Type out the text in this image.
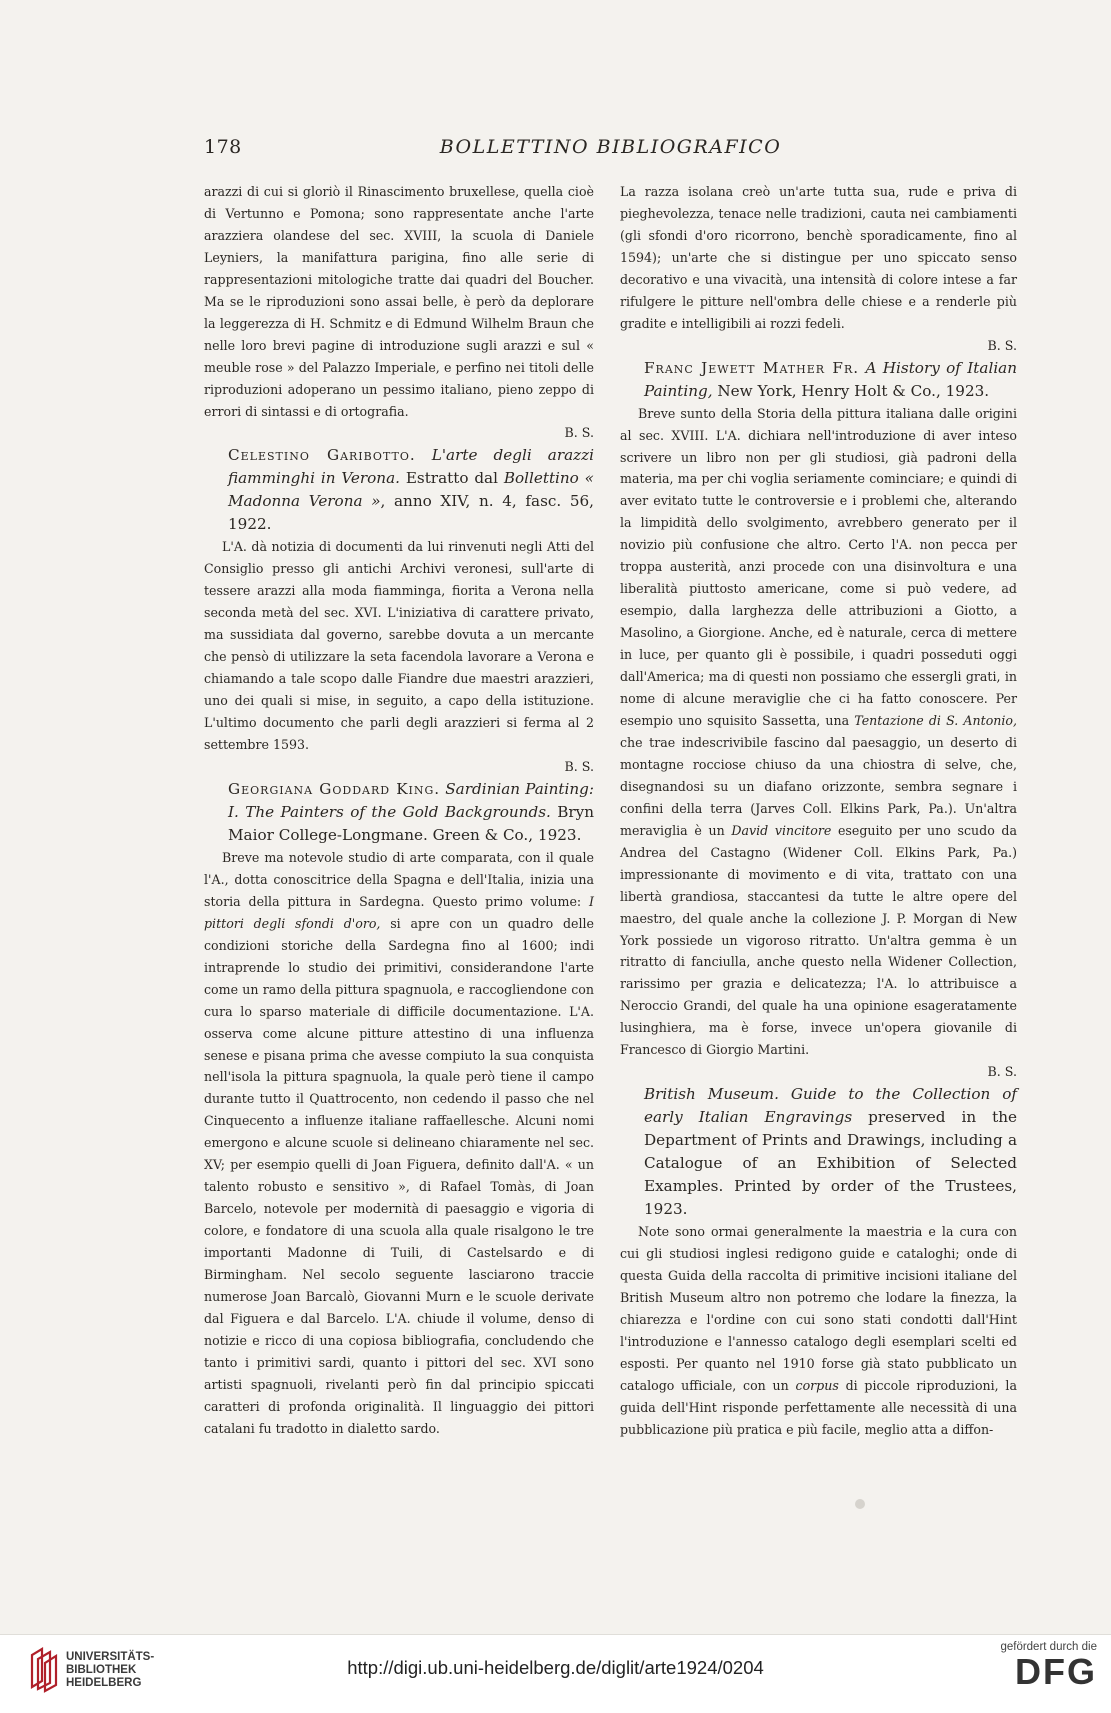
178	BOLLETTINO BIBLIOGRAFICO

arazzi di cui si gloriò il Rinascimento bruxellese, quella cioè di Vertunno e Pomona; sono rappresentate anche l'arte arazziera olandese del sec. XVIII, la scuola di Daniele Leyniers, la manifattura parigina, fino alle serie di rappresentazioni mitologiche tratte dai quadri del Boucher. Ma se le riproduzioni sono assai belle, è però da deplorare la leggerezza di H. Schmitz e di Edmund Wilhelm Braun che nelle loro brevi pagine di introduzione sugli arazzi e sul « meuble rose » del Palazzo Imperiale, e perfino nei titoli delle riproduzioni adoperano un pessimo italiano, pieno zeppo di errori di sintassi e di ortografia.

B. S.

Celestino Garibotto. L'arte degli arazzi fiamminghi in Verona. Estratto dal Bollettino « Madonna Verona », anno XIV, n. 4, fasc. 56, 1922.

L'A. dà notizia di documenti da lui rinvenuti negli Atti del Consiglio presso gli antichi Archivi veronesi, sull'arte di tessere arazzi alla moda fiamminga, fiorita a Verona nella seconda metà del sec. XVI. L'iniziativa di carattere privato, ma sussidiata dal governo, sarebbe dovuta a un mercante che pensò di utilizzare la seta facendola lavorare a Verona e chiamando a tale scopo dalle Fiandre due maestri arazzieri, uno dei quali si mise, in seguito, a capo della istituzione. L'ultimo documento che parli degli arazzieri si ferma al 2 settembre 1593.

B. S.

Georgiana Goddard King. Sardinian Painting: I. The Painters of the Gold Backgrounds. Bryn Maior College-Longmane. Green & Co., 1923.

Breve ma notevole studio di arte comparata, con il quale l'A., dotta conoscitrice della Spagna e dell'Italia, inizia una storia della pittura in Sardegna. Questo primo volume: I pittori degli sfondi d'oro, si apre con un quadro delle condizioni storiche della Sardegna fino al 1600; indi intraprende lo studio dei primitivi, considerandone l'arte come un ramo della pittura spagnuola, e raccogliendone con cura lo sparso materiale di difficile documentazione. L'A. osserva come alcune pitture attestino di una influenza senese e pisana prima che avesse compiuto la sua conquista nell'isola la pittura spagnuola, la quale però tiene il campo durante tutto il Quattrocento, non cedendo il passo che nel Cinquecento a influenze italiane raffaellesche. Alcuni nomi emergono e alcune scuole si delineano chiaramente nel sec. XV; per esempio quelli di Joan Figuera, definito dall'A. « un talento robusto e sensitivo », di Rafael Tomàs, di Joan Barcelo, notevole per modernità di paesaggio e vigoria di colore, e fondatore di una scuola alla quale risalgono le tre importanti Madonne di Tuili, di Castelsardo e di Birmingham. Nel secolo seguente lasciarono traccie numerose Joan Barcalò, Giovanni Murn e le scuole derivate dal Figuera e dal Barcelo. L'A. chiude il volume, denso di notizie e ricco di una copiosa bibliografia, concludendo che tanto i primitivi sardi, quanto i pittori del sec. XVI sono artisti spagnuoli, rivelanti però fin dal principio spiccati caratteri di profonda originalità. Il linguaggio dei pittori catalani fu tradotto in dialetto sardo.

La razza isolana creò un'arte tutta sua, rude e priva di pieghevolezza, tenace nelle tradizioni, cauta nei cambiamenti (gli sfondi d'oro ricorrono, benchè sporadicamente, fino al 1594); un'arte che si distingue per uno spiccato senso decorativo e una vivacità, una intensità di colore intese a far rifulgere le pitture nell'ombra delle chiese e a renderle più gradite e intelligibili ai rozzi fedeli.

B. S.

Franc Jewett Mather Fr. A History of Italian Painting, New York, Henry Holt & Co., 1923.

Breve sunto della Storia della pittura italiana dalle origini al sec. XVIII. L'A. dichiara nell'introduzione di aver inteso scrivere un libro non per gli studiosi, già padroni della materia, ma per chi voglia seriamente cominciare; e quindi di aver evitato tutte le controversie e i problemi che, alterando la limpidità dello svolgimento, avrebbero generato per il novizio più confusione che altro. Certo l'A. non pecca per troppa austerità, anzi procede con una disinvoltura e una liberalità piuttosto americane, come si può vedere, ad esempio, dalla larghezza delle attribuzioni a Giotto, a Masolino, a Giorgione. Anche, ed è naturale, cerca di mettere in luce, per quanto gli è possibile, i quadri posseduti oggi dall'America; ma di questi non possiamo che essergli grati, in nome di alcune meraviglie che ci ha fatto conoscere. Per esempio uno squisito Sassetta, una Tentazione di S. Antonio, che trae indescrivibile fascino dal paesaggio, un deserto di montagne rocciose chiuso da una chiostra di selve, che, disegnandosi su un diafano orizzonte, sembra segnare i confini della terra (Jarves Coll. Elkins Park, Pa.). Un'altra meraviglia è un David vincitore eseguito per uno scudo da Andrea del Castagno (Widener Coll. Elkins Park, Pa.) impressionante di movimento e di vita, trattato con una libertà grandiosa, staccantesi da tutte le altre opere del maestro, del quale anche la collezione J. P. Morgan di New York possiede un vigoroso ritratto. Un'altra gemma è un ritratto di fanciulla, anche questo nella Widener Collection, rarissimo per grazia e delicatezza; l'A. lo attribuisce a Neroccio Grandi, del quale ha una opinione esageratamente lusinghiera, ma è forse, invece un'opera giovanile di Francesco di Giorgio Martini.

B. S.

British Museum. Guide to the Collection of early Italian Engravings preserved in the Department of Prints and Drawings, including a Catalogue of an Exhibition of Selected Examples. Printed by order of the Trustees, 1923.

Note sono ormai generalmente la maestria e la cura con cui gli studiosi inglesi redigono guide e cataloghi; onde di questa Guida della raccolta di primitive incisioni italiane del British Museum altro non potremo che lodare la finezza, la chiarezza e l'ordine con cui sono stati condotti dall'Hint l'introduzione e l'annesso catalogo degli esemplari scelti ed esposti. Per quanto nel 1910 forse già stato pubblicato un catalogo ufficiale, con un corpus di piccole riproduzioni, la guida dell'Hint risponde perfettamente alle necessità di una pubblicazione più pratica e più facile, meglio atta a diffon-

UNIVERSITÄTS-
BIBLIOTHEK
HEIDELBERG
http://digi.ub.uni-heidelberg.de/diglit/arte1924/0204
gefördert durch die
DFG
